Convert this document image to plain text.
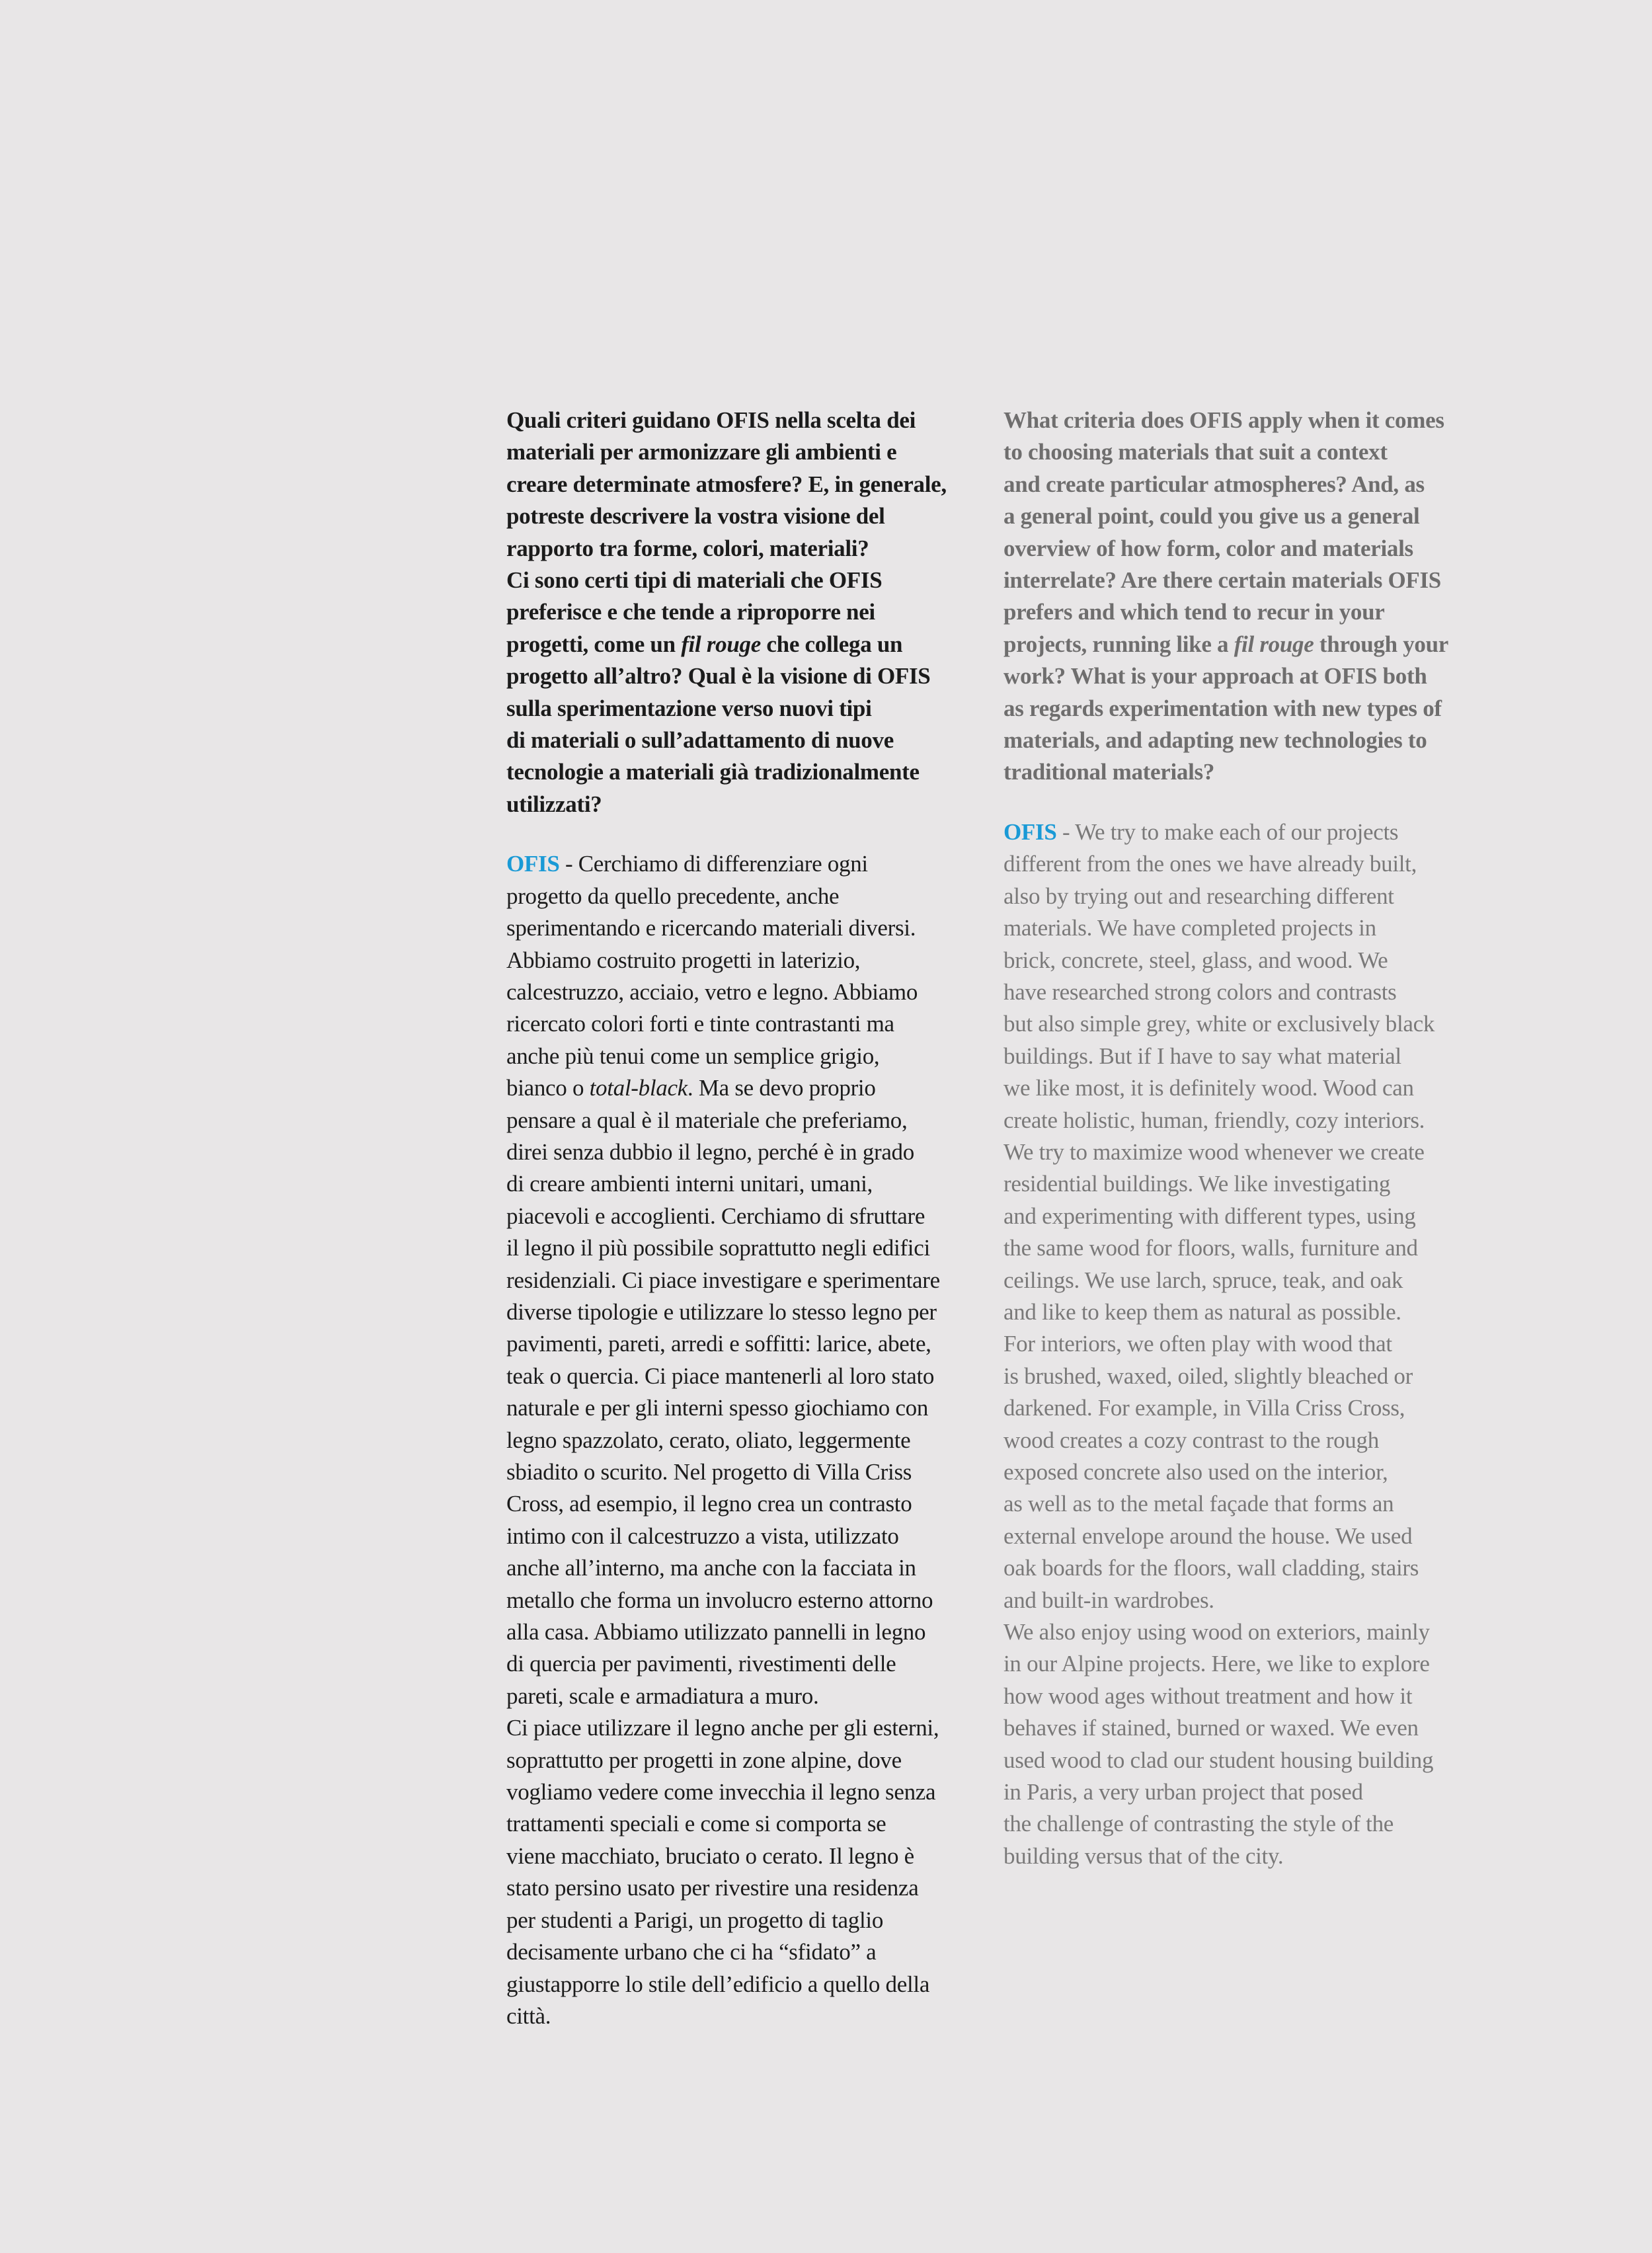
Quali criteri guidano OFIS nella scelta dei
materiali per armonizzare gli ambienti e
creare determinate atmosfere? E, in generale,
potreste descrivere la vostra visione del
rapporto tra forme, colori, materiali?
Ci sono certi tipi di materiali che OFIS
preferisce e che tende a riproporre nei
progetti, come un fil rouge che collega un
progetto all’altro? Qual è la visione di OFIS
sulla sperimentazione verso nuovi tipi
di materiali o sull’adattamento di nuove
tecnologie a materiali già tradizionalmente
utilizzati?

OFIS - Cerchiamo di differenziare ogni
progetto da quello precedente, anche
sperimentando e ricercando materiali diversi.
Abbiamo costruito progetti in laterizio,
calcestruzzo, acciaio, vetro e legno. Abbiamo
ricercato colori forti e tinte contrastanti ma
anche più tenui come un semplice grigio,
bianco o total-black. Ma se devo proprio
pensare a qual è il materiale che preferiamo,
direi senza dubbio il legno, perché è in grado
di creare ambienti interni unitari, umani,
piacevoli e accoglienti. Cerchiamo di sfruttare
il legno il più possibile soprattutto negli edifici
residenziali. Ci piace investigare e sperimentare
diverse tipologie e utilizzare lo stesso legno per
pavimenti, pareti, arredi e soffitti: larice, abete,
teak o quercia. Ci piace mantenerli al loro stato
naturale e per gli interni spesso giochiamo con
legno spazzolato, cerato, oliato, leggermente
sbiadito o scurito. Nel progetto di Villa Criss
Cross, ad esempio, il legno crea un contrasto
intimo con il calcestruzzo a vista, utilizzato
anche all’interno, ma anche con la facciata in
metallo che forma un involucro esterno attorno
alla casa. Abbiamo utilizzato pannelli in legno
di quercia per pavimenti, rivestimenti delle
pareti, scale e armadiatura a muro.
Ci piace utilizzare il legno anche per gli esterni,
soprattutto per progetti in zone alpine, dove
vogliamo vedere come invecchia il legno senza
trattamenti speciali e come si comporta se
viene macchiato, bruciato o cerato. Il legno è
stato persino usato per rivestire una residenza
per studenti a Parigi, un progetto di taglio
decisamente urbano che ci ha “sfidato” a
giustapporre lo stile dell’edificio a quello della
città.

What criteria does OFIS apply when it comes
to choosing materials that suit a context
and create particular atmospheres? And, as
a general point, could you give us a general
overview of how form, color and materials
interrelate? Are there certain materials OFIS
prefers and which tend to recur in your
projects, running like a fil rouge through your
work? What is your approach at OFIS both
as regards experimentation with new types of
materials, and adapting new technologies to
traditional materials?

OFIS - We try to make each of our projects
different from the ones we have already built,
also by trying out and researching different
materials. We have completed projects in
brick, concrete, steel, glass, and wood. We
have researched strong colors and contrasts
but also simple grey, white or exclusively black
buildings. But if I have to say what material
we like most, it is definitely wood. Wood can
create holistic, human, friendly, cozy interiors.
We try to maximize wood whenever we create
residential buildings. We like investigating
and experimenting with different types, using
the same wood for floors, walls, furniture and
ceilings. We use larch, spruce, teak, and oak
and like to keep them as natural as possible.
For interiors, we often play with wood that
is brushed, waxed, oiled, slightly bleached or
darkened. For example, in Villa Criss Cross,
wood creates a cozy contrast to the rough
exposed concrete also used on the interior,
as well as to the metal façade that forms an
external envelope around the house. We used
oak boards for the floors, wall cladding, stairs
and built-in wardrobes.
We also enjoy using wood on exteriors, mainly
in our Alpine projects. Here, we like to explore
how wood ages without treatment and how it
behaves if stained, burned or waxed. We even
used wood to clad our student housing building
in Paris, a very urban project that posed
the challenge of contrasting the style of the
building versus that of the city.
